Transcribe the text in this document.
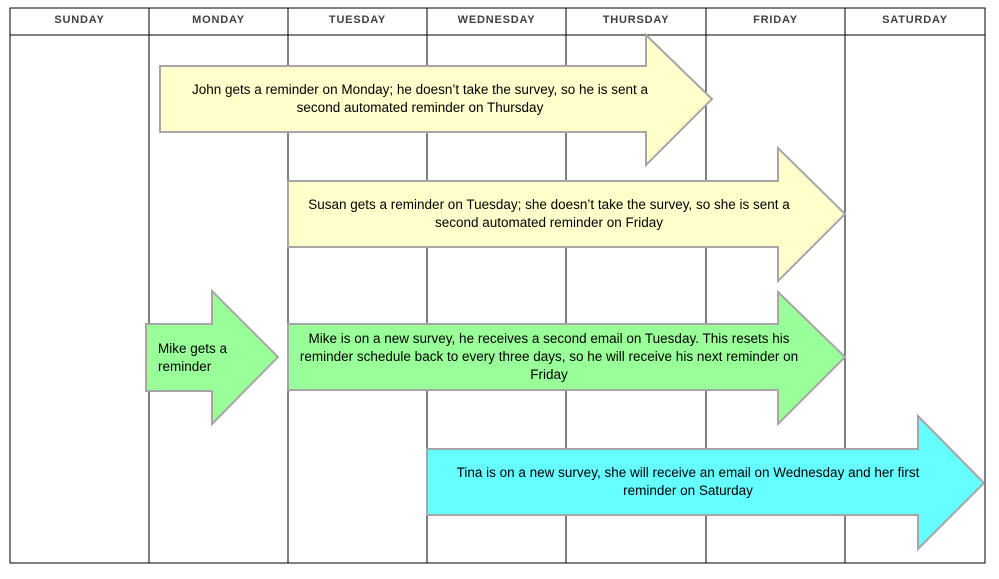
SUNDAY	MONDAY	TUESDAY	WEDNESDAY	THURSDAY	FRIDAY	SATURDAY
John gets a reminder on Monday; he doesn’t take the survey, so he is sent a second automated reminder on Thursday
Susan gets a reminder on Tuesday; she doesn’t take the survey, so she is sent a second automated reminder on Friday
Mike gets a reminder
Mike is on a new survey, he receives a second email on Tuesday. This resets his reminder schedule back to every three days, so he will receive his next reminder on Friday
Tina is on a new survey, she will receive an email on Wednesday and her first reminder on Saturday
